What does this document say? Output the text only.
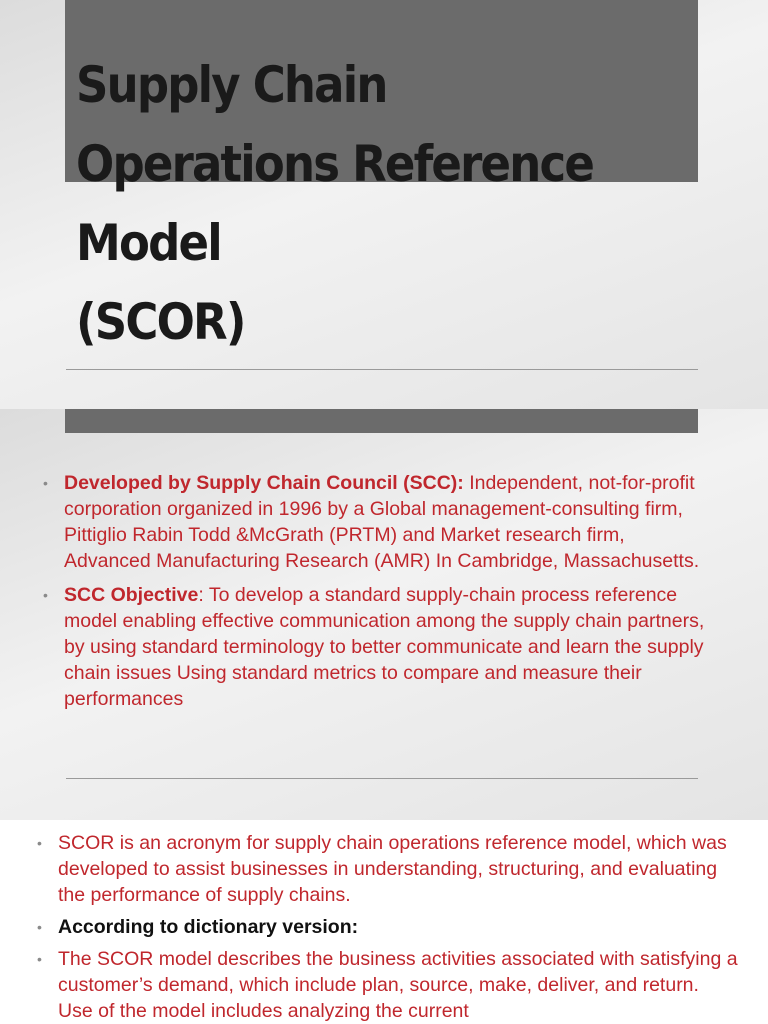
Supply Chain
Operations Reference
Model
(SCOR)
• Developed by Supply Chain Council (SCC): Independent, not-for-profit corporation organized in 1996 by a Global management-consulting firm, Pittiglio Rabin Todd &McGrath (PRTM) and Market research firm, Advanced Manufacturing Research (AMR) In Cambridge, Massachusetts.
• SCC Objective: To develop a standard supply-chain process reference model enabling effective communication among the supply chain partners, by using standard terminology to better communicate and learn the supply chain issues Using standard metrics to compare and measure their performances
• SCOR is an acronym for supply chain operations reference model, which was developed to assist businesses in understanding, structuring, and evaluating the performance of supply chains.
• According to dictionary version:
• The SCOR model describes the business activities associated with satisfying a customer’s demand, which include plan, source, make, deliver, and return. Use of the model includes analyzing the current
